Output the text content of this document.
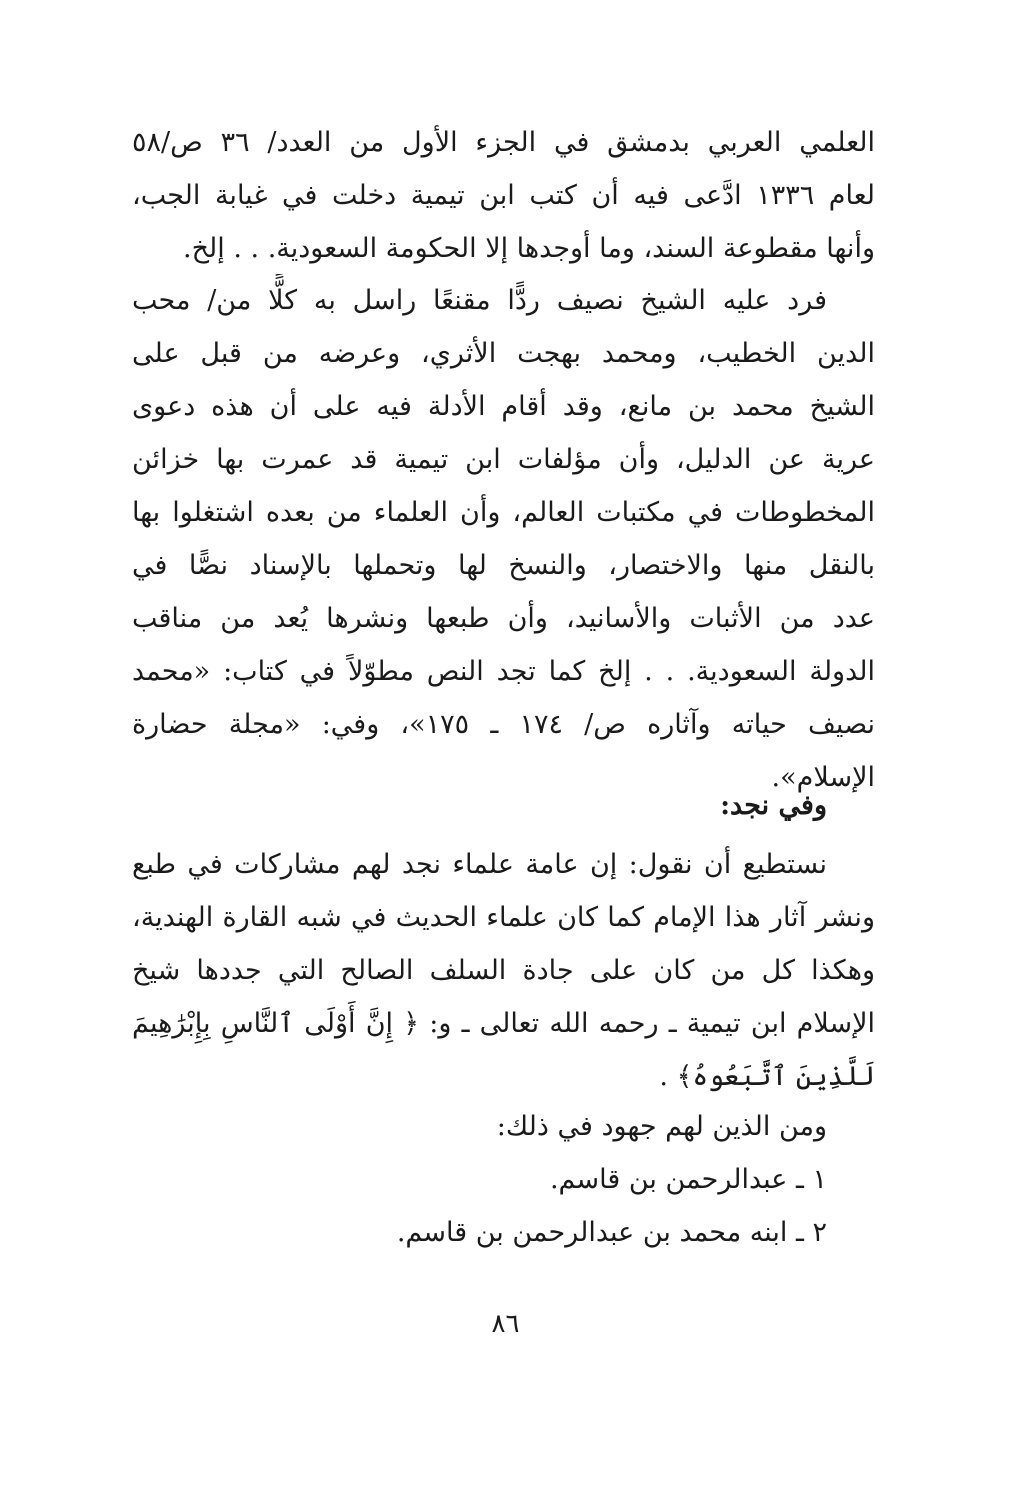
العلمي العربي بدمشق في الجزء الأول من العدد/ ٣٦ ص/٥٨
لعام ١٣٣٦ ادَّعى فيه أن كتب ابن تيمية دخلت في غيابة الجب،
وأنها مقطوعة السند، وما أوجدها إلا الحكومة السعودية. . . إلخ.
فرد عليه الشيخ نصيف ردًّا مقنعًا راسل به كلًّا من/ محب
الدين الخطيب، ومحمد بهجت الأثري، وعرضه من قبل على
الشيخ محمد بن مانع، وقد أقام الأدلة فيه على أن هذه دعوى
عرية عن الدليل، وأن مؤلفات ابن تيمية قد عمرت بها خزائن
المخطوطات في مكتبات العالم، وأن العلماء من بعده اشتغلوا بها
بالنقل منها والاختصار، والنسخ لها وتحملها بالإسناد نصًّا في
عدد من الأثبات والأسانيد، وأن طبعها ونشرها يُعد من مناقب
الدولة السعودية. . . إلخ كما تجد النص مطوّلاً في كتاب: «محمد
نصيف حياته وآثاره ص/ ١٧٤ ـ ١٧٥»، وفي: «مجلة حضارة
الإسلام».
وفي نجد:
نستطيع أن نقول: إن عامة علماء نجد لهم مشاركات في طبع
ونشر آثار هذا الإمام كما كان علماء الحديث في شبه القارة الهندية،
وهكذا كل من كان على جادة السلف الصالح التي جددها شيخ
الإسلام ابن تيمية ـ رحمه الله تعالى ـ و: ﴿ إِنَّ أَوْلَى ٱلنَّاسِ بِإِبْرَٰهِيمَ
لَلَّذِينَ ٱتَّبَعُوهُ﴾ .
ومن الذين لهم جهود في ذلك:
١ ـ عبدالرحمن بن قاسم.
٢ ـ ابنه محمد بن عبدالرحمن بن قاسم.
٨٦
